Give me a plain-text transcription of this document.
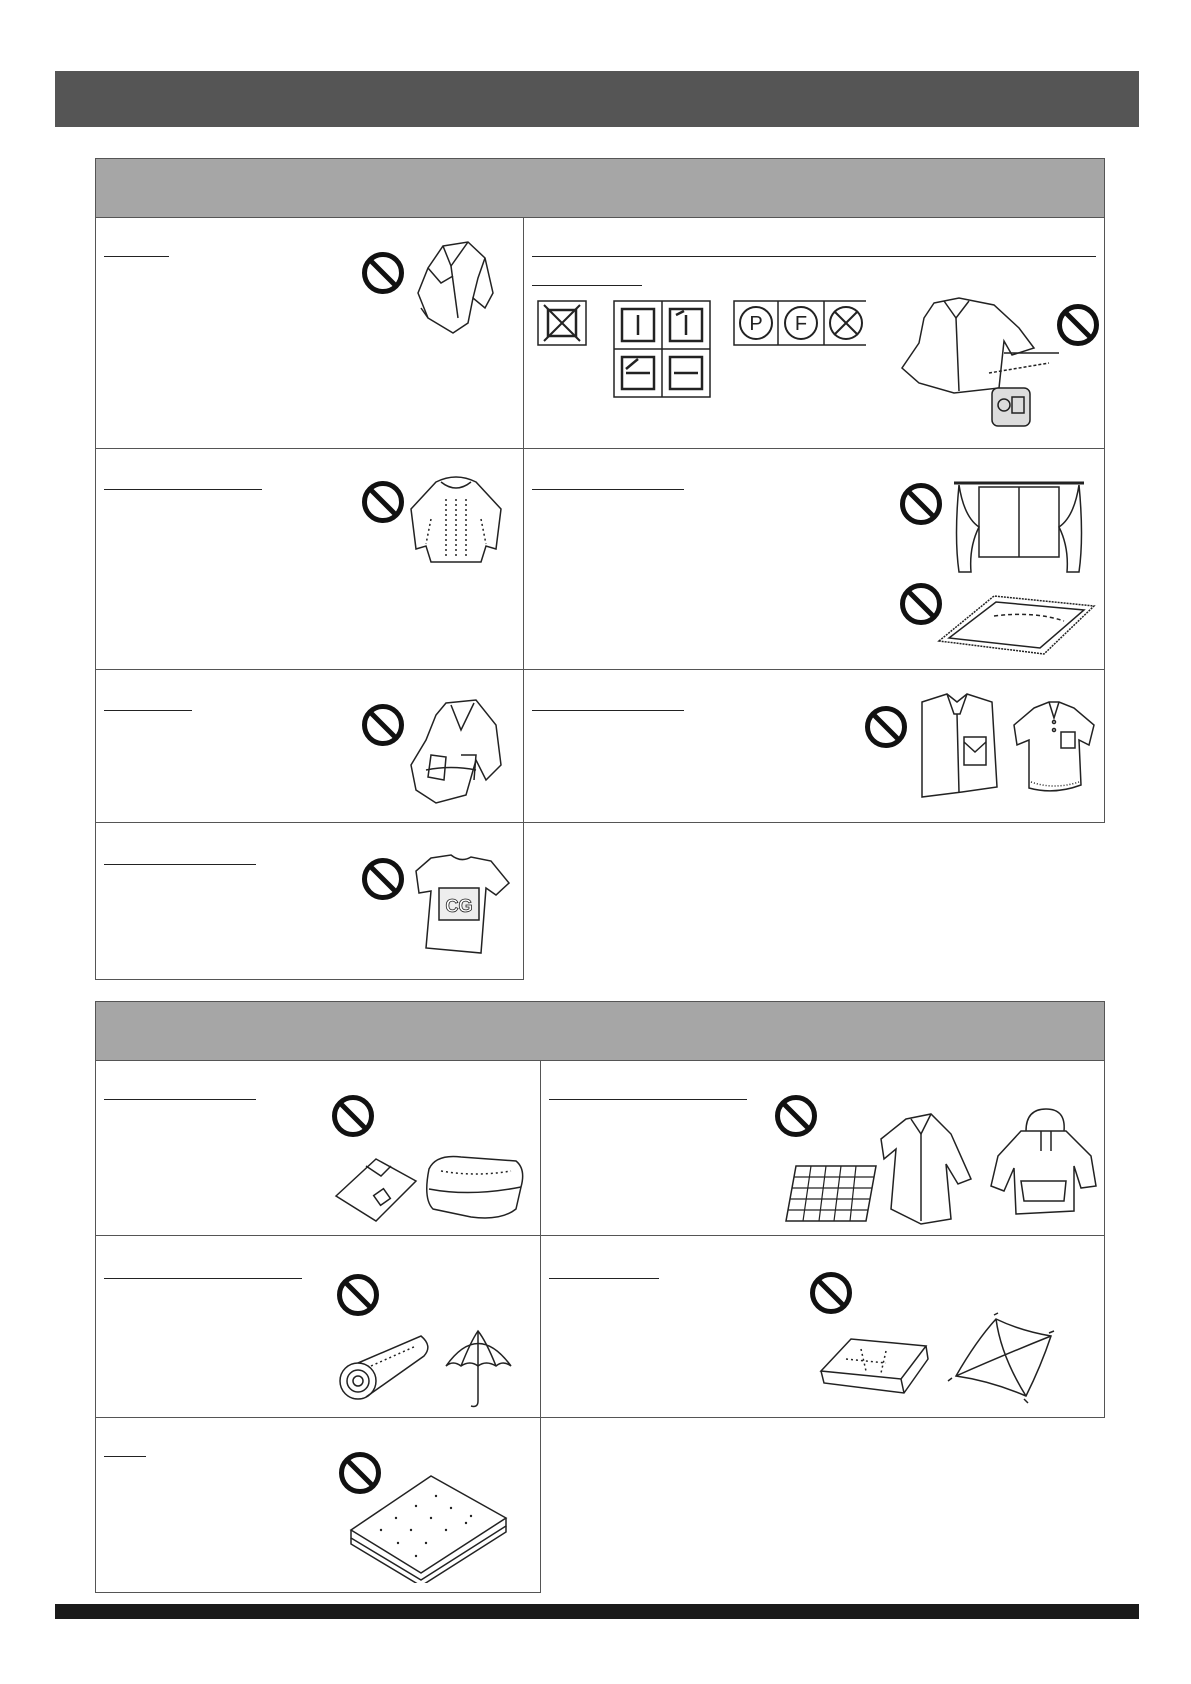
P F
CG
